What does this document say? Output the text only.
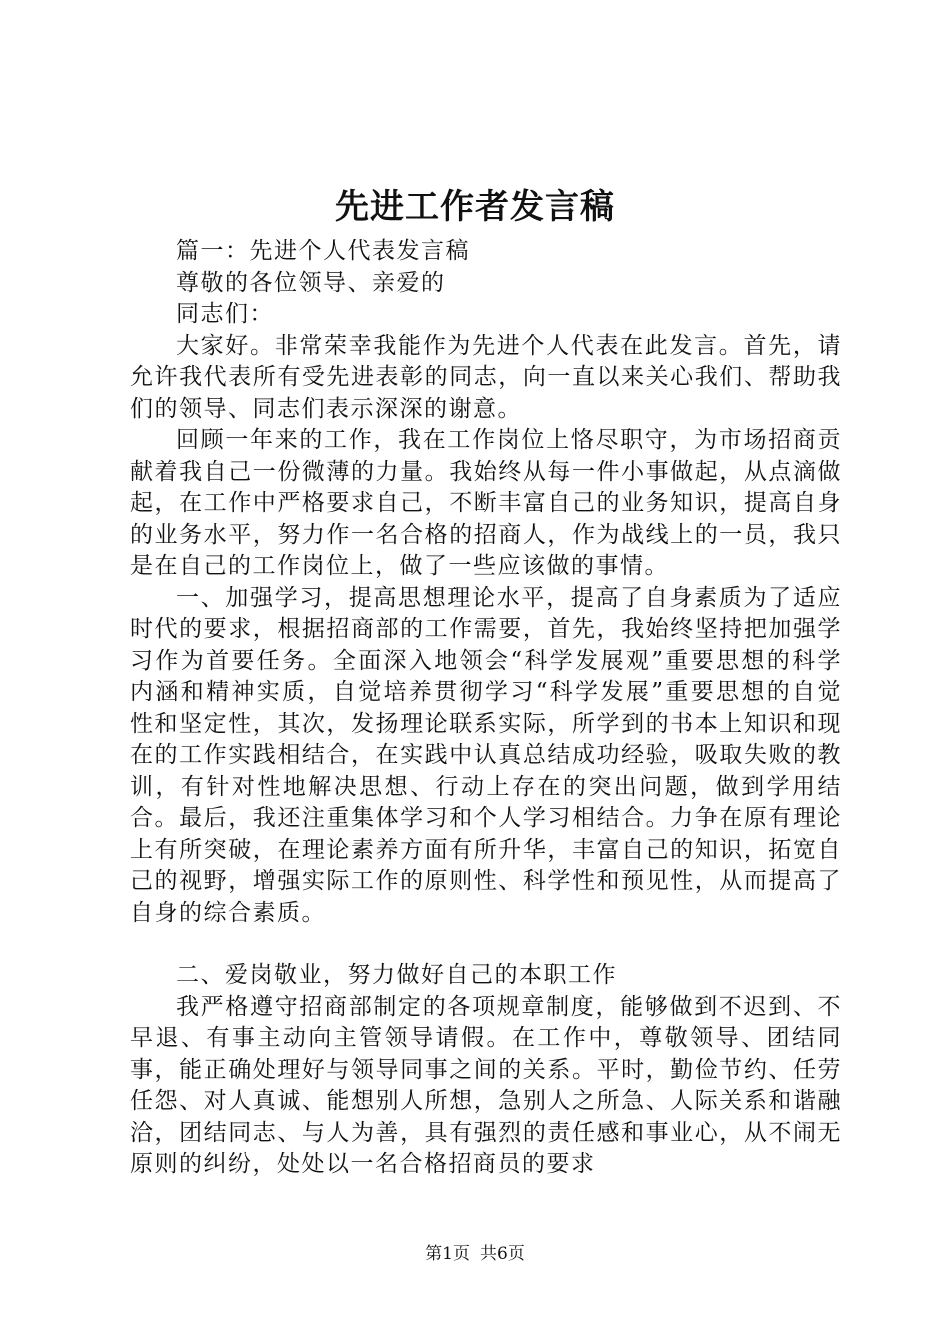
先进工作者发言稿

篇一：先进个人代表发言稿

尊敬的各位领导、亲爱的

同志们：

大家好。非常荣幸我能作为先进个人代表在此发言。首先，请允许我代表所有受先进表彰的同志，向一直以来关心我们、帮助我们的领导、同志们表示深深的谢意。

回顾一年来的工作，我在工作岗位上恪尽职守，为市场招商贡献着我自己一份微薄的力量。我始终从每一件小事做起，从点滴做起，在工作中严格要求自己，不断丰富自己的业务知识，提高自身的业务水平，努力作一名合格的招商人，作为战线上的一员，我只是在自己的工作岗位上，做了一些应该做的事情。

一、加强学习，提高思想理论水平，提高了自身素质为了适应时代的要求，根据招商部的工作需要，首先，我始终坚持把加强学习作为首要任务。全面深入地领会“科学发展观”重要思想的科学内涵和精神实质，自觉培养贯彻学习“科学发展”重要思想的自觉性和坚定性，其次，发扬理论联系实际，所学到的书本上知识和现在的工作实践相结合，在实践中认真总结成功经验，吸取失败的教训，有针对性地解决思想、行动上存在的突出问题，做到学用结合。最后，我还注重集体学习和个人学习相结合。力争在原有理论上有所突破，在理论素养方面有所升华，丰富自己的知识，拓宽自己的视野，增强实际工作的原则性、科学性和预见性，从而提高了自身的综合素质。

二、爱岗敬业，努力做好自己的本职工作

我严格遵守招商部制定的各项规章制度，能够做到不迟到、不早退、有事主动向主管领导请假。在工作中，尊敬领导、团结同事，能正确处理好与领导同事之间的关系。平时，勤俭节约、任劳任怨、对人真诚、能想别人所想，急别人之所急、人际关系和谐融洽，团结同志、与人为善，具有强烈的责任感和事业心，从不闹无原则的纠纷，处处以一名合格招商员的要求

第1页 共6页
